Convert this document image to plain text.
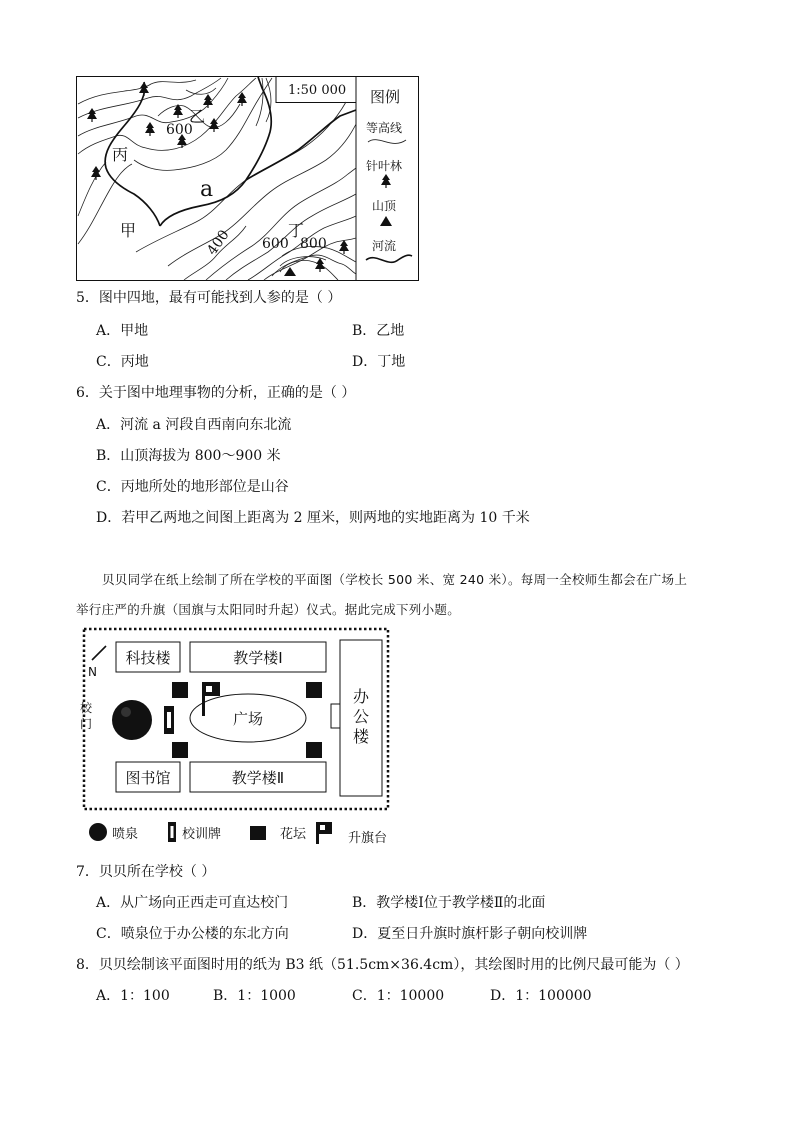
1:50 000 图例
等高线
针叶林
山顶
河流
乙
600
丙
a
甲	丁
400 600 800
5．图中四地，最有可能找到人参的是（ ）
A．甲地	B．乙地
C．丙地	D．丁地
6．关于图中地理事物的分析，正确的是（ ）
A．河流 a 河段自西南向东北流
B．山顶海拔为 800～900 米
C．丙地所处的地形部位是山谷
D．若甲乙两地之间图上距离为 2 厘米，则两地的实地距离为 10 千米
贝贝同学在纸上绘制了所在学校的平面图（学校长 500 米、宽 240 米）。每周一全校师生都会在广场上
举行庄严的升旗（国旗与太阳同时升起）仪式。据此完成下列小题。
N
校门
科技楼	教学楼Ⅰ
图书馆	教学楼Ⅱ
广场
办公楼
喷泉	校训牌	花坛	升旗台
7．贝贝所在学校（ ）
A．从广场向正西走可直达校门	B．教学楼Ⅰ位于教学楼Ⅱ的北面
C．喷泉位于办公楼的东北方向	D．夏至日升旗时旗杆影子朝向校训牌
8．贝贝绘制该平面图时用的纸为 B3 纸（51.5cm×36.4cm），其绘图时用的比例尺最可能为（ ）
A．1：100	B．1：1000	C．1：10000	D．1：100000
